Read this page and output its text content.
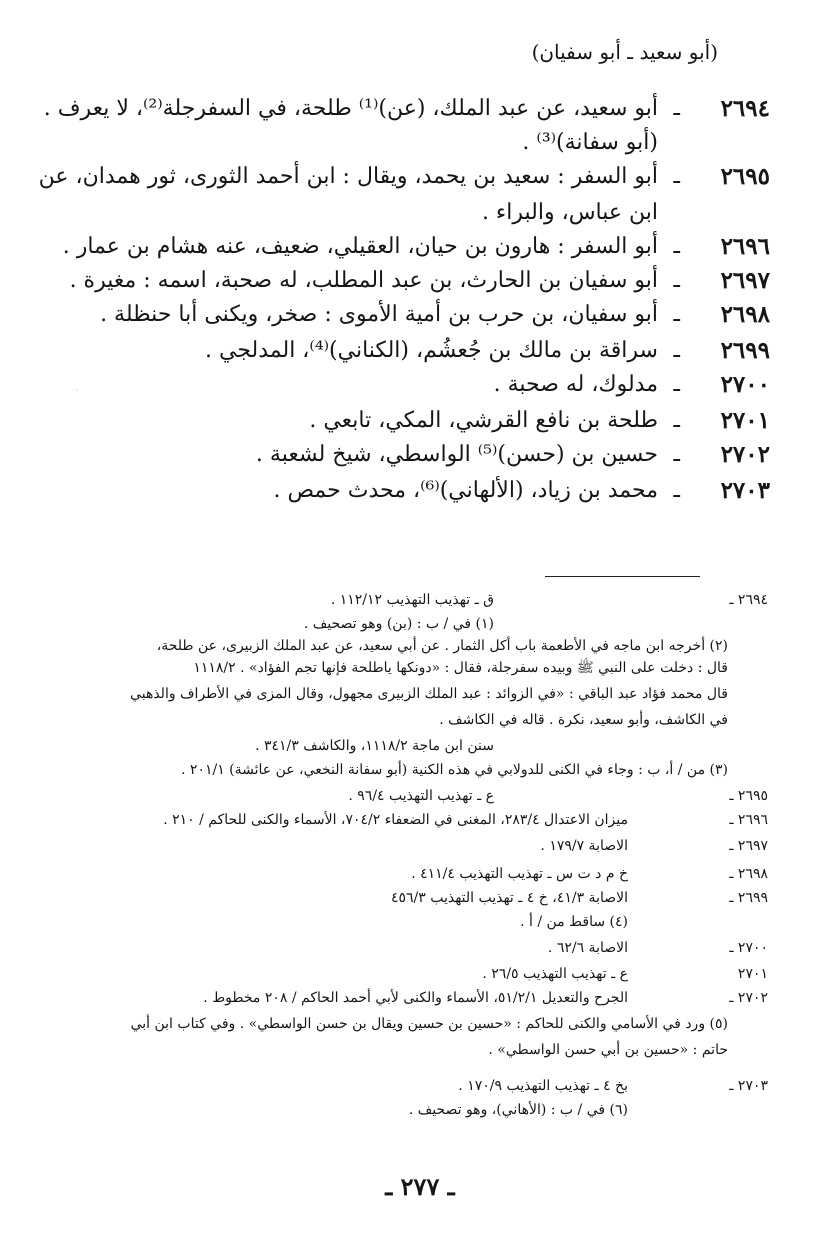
(أبو سعيد ـ أبو سفيان)
٢٦٩٤
ـ
أبو سعيد، عن عبد الملك، (عن)⁽¹⁾ طلحة، في السفرجلة⁽²⁾، لا يعرف .
(أبو سفانة)⁽³⁾ .
٢٦٩٥
ـ
أبو السفر : سعيد بن يحمد، ويقال : ابن أحمد الثورى، ثور همدان، عن
ابن عباس، والبراء .
٢٦٩٦
ـ
أبو السفر : هارون بن حيان، العقيلي، ضعيف، عنه هشام بن عمار .
٢٦٩٧
ـ
أبو سفيان بن الحارث، بن عبد المطلب، له صحبة، اسمه : مغيرة .
٢٦٩٨
ـ
أبو سفيان، بن حرب بن أمية الأموى : صخر، ويكنى أبا حنظلة .
٢٦٩٩
ـ
سراقة بن مالك بن جُعشُم، (الكناني)⁽⁴⁾، المدلجي .
٢٧٠٠
ـ
مدلوك، له صحبة .
٢٧٠١
ـ
طلحة بن نافع القرشي، المكي، تابعي .
٢٧٠٢
ـ
حسين بن (حسن)⁽⁵⁾ الواسطي، شيخ لشعبة .
٢٧٠٣
ـ
محمد بن زياد، (الألهاني)⁽⁶⁾، محدث حمص .
٢٦٩٤ ـ
ق ـ تهذيب التهذيب ١١٢/١٢ .
(١) في / ب : (بن) وهو تصحيف .
(٢) أخرجه ابن ماجه في الأطعمة باب أكل الثمار . عن أبي سعيد، عن عبد الملك الزبيرى، عن طلحة،
قال : دخلت على النبي ﷺ وبيده سفرجلة، فقال : «دونكها ياطلحة فإنها تجم الفؤاد» . ١١١٨/٢
قال محمد فؤاد عبد الباقي : «في الزوائد : عبد الملك الزبيرى مجهول، وقال المزى في الأطراف والذهبي
في الكاشف، وأبو سعيد، نكرة . قاله في الكاشف .
سنن ابن ماجة ١١١٨/٢، والكاشف ٣٤١/٣ .
(٣) من / أ، ب : وجاء في الكنى للدولابي في هذه الكنية (أبو سفانة النخعي، عن عائشة) ٢٠١/١ .
٢٦٩٥ ـ
ع ـ تهذيب التهذيب ٩٦/٤ .
٢٦٩٦ ـ
ميزان الاعتدال ٢٨٣/٤، المغنى في الضعفاء ٧٠٤/٢، الأسماء والكنى للحاكم / ٢١٠ .
٢٦٩٧ ـ
الاصابة ١٧٩/٧ .
٢٦٩٨ ـ
خ م د ت س ـ تهذيب التهذيب ٤١١/٤ .
٢٦٩٩ ـ
الاصابة ٤١/٣، خ ٤ ـ تهذيب التهذيب ٤٥٦/٣
(٤) ساقط من / أ .
٢٧٠٠ ـ
الاصابة ٦٢/٦ .
٢٧٠١
ع ـ تهذيب التهذيب ٢٦/٥ .
٢٧٠٢ ـ
الجرح والتعديل ٥١/٢/١، الأسماء والكنى لأبي أحمد الحاكم / ٢٠٨ مخطوط .
(٥) ورد في الأسامي والكنى للحاكم : «حسين بن حسين ويقال بن حسن الواسطي» . وفي كتاب ابن أبي
حاتم : «حسين بن أبي حسن الواسطي» .
٢٧٠٣ ـ
بخ ٤ ـ تهذيب التهذيب ١٧٠/٩ .
(٦) في / ب : (الأهاني)، وهو تصحيف .
ـ ٢٧٧ ـ
